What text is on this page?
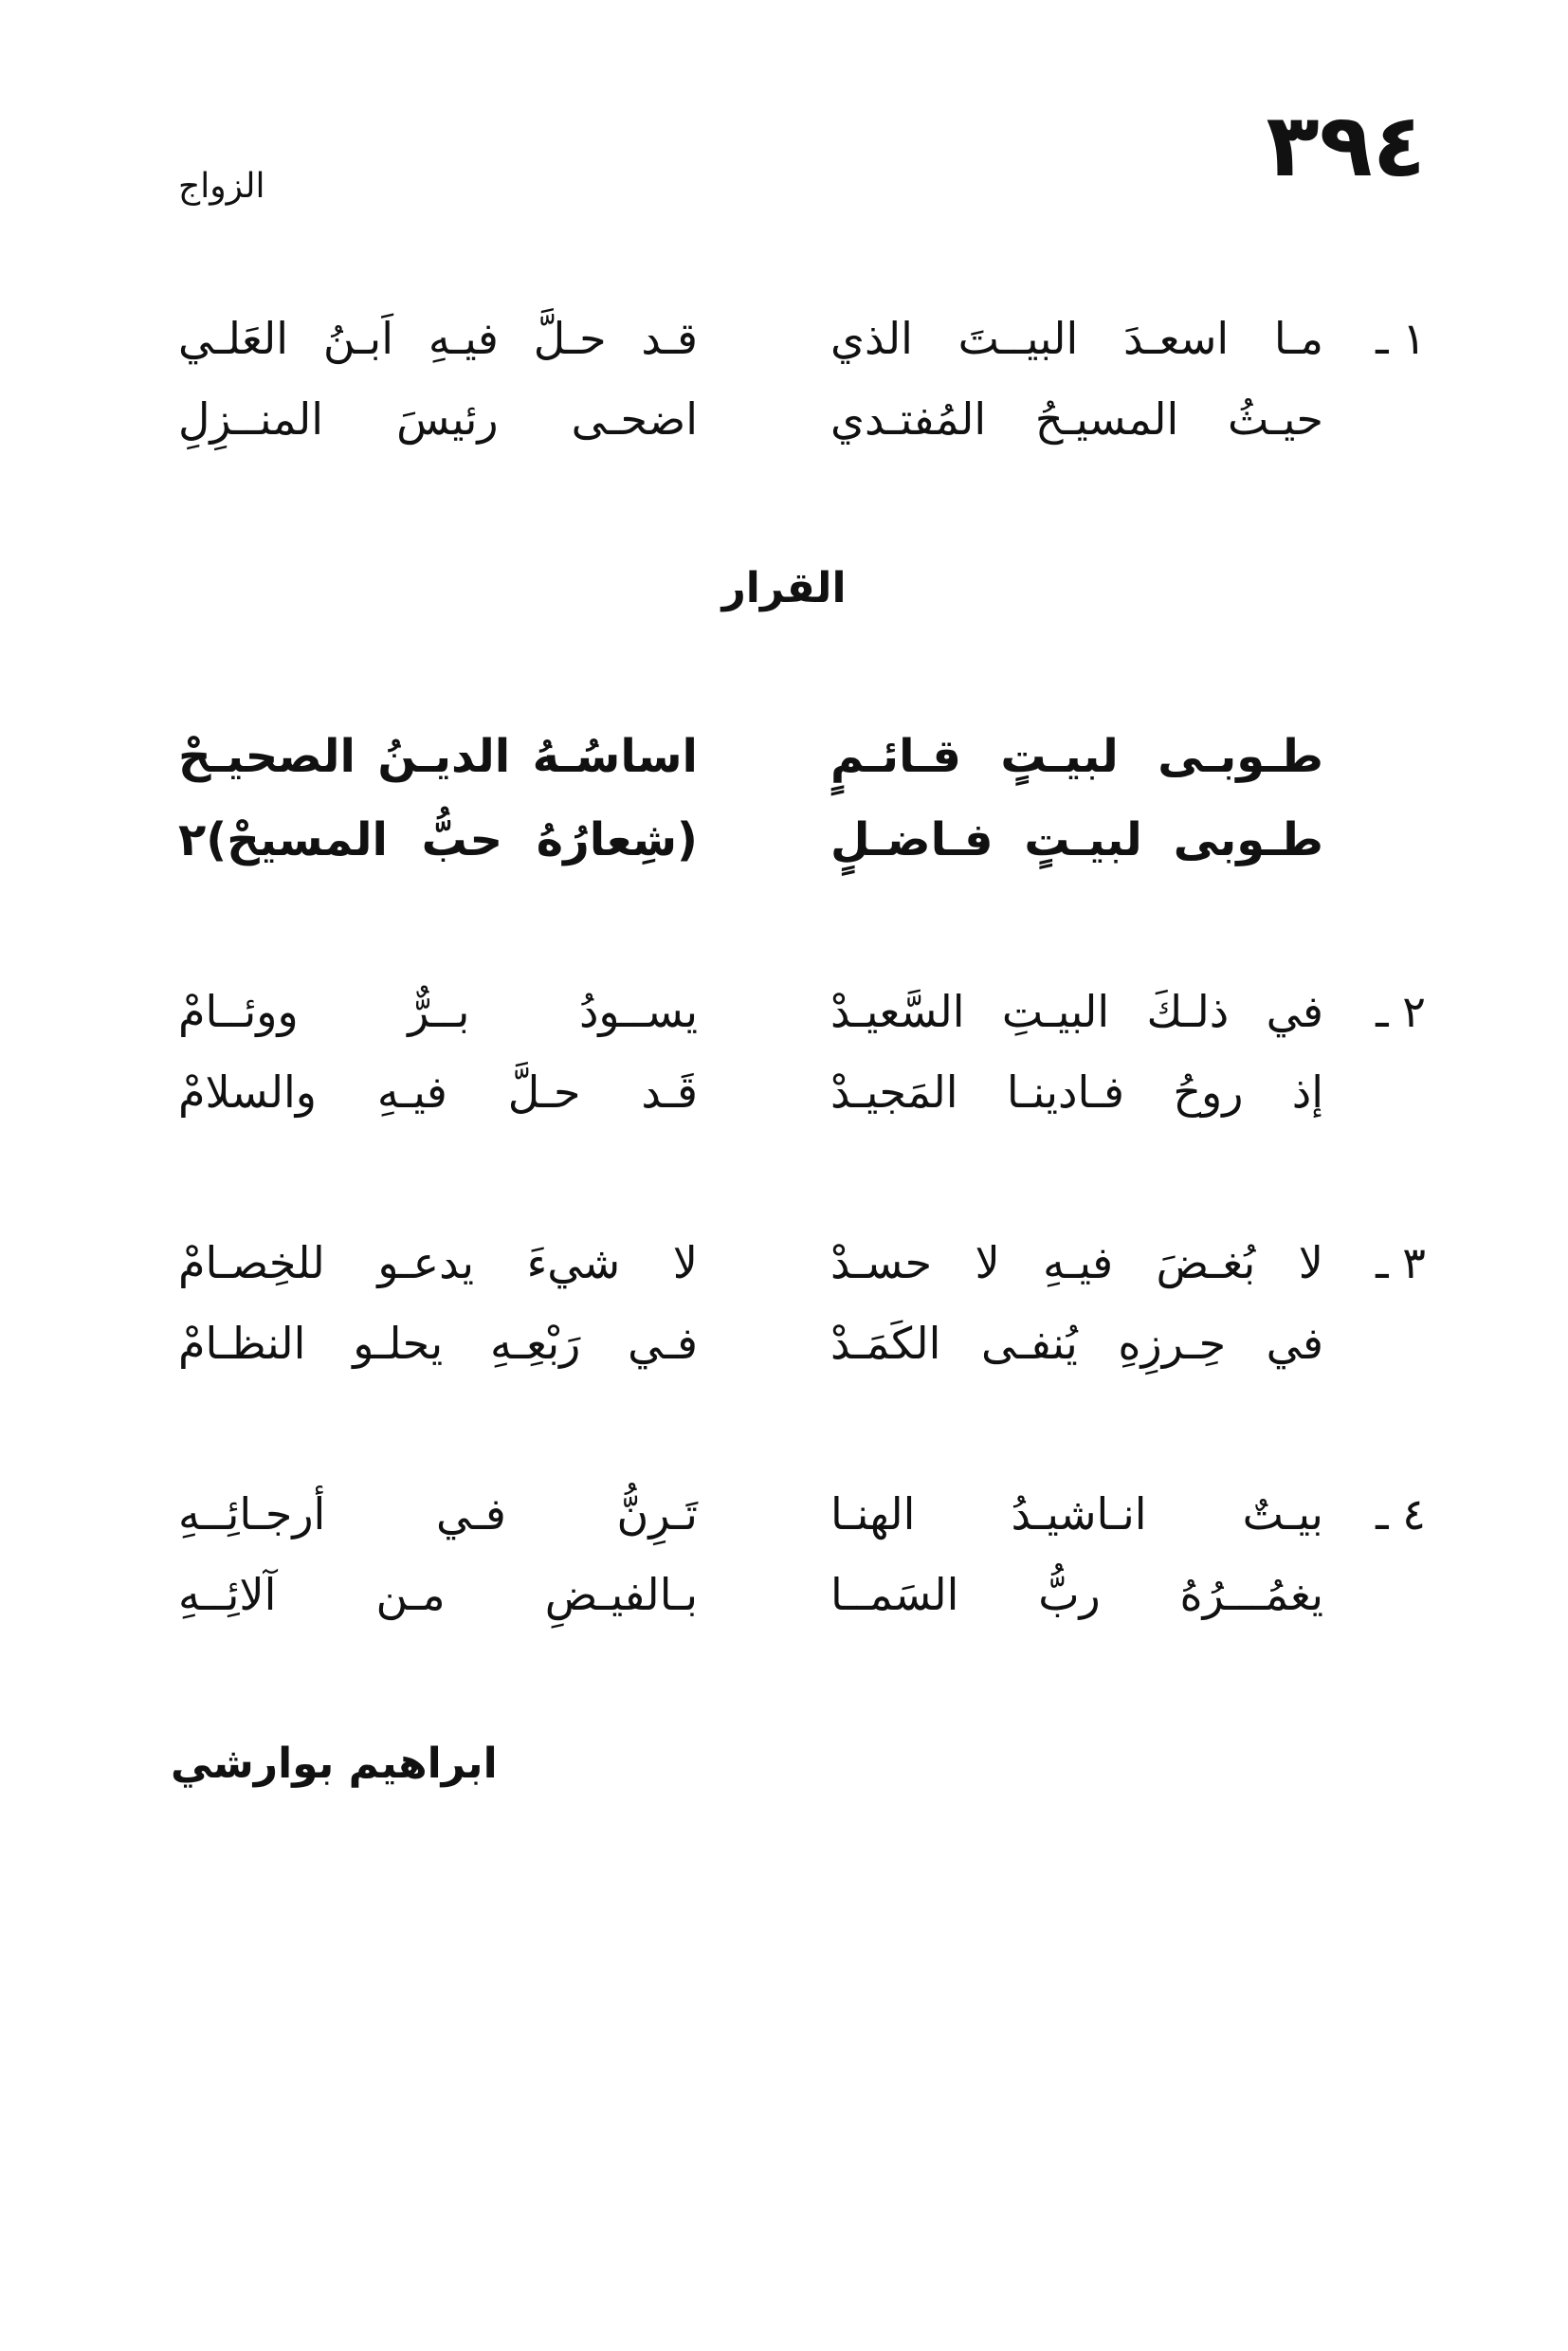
٣٩٤
الزواج
١ ـ
مـا اسعـدَ البيــتَ الذي
قـد حـلَّ فيـهِ اَبـنُ العَلـي
حيـثُ المسيـحُ المُفتـدي
اضحـى رئيسَ المنــزِلِ
القرار
طـوبـى لبيـتٍ قـائـمٍ
اساسُـهُ الديـنُ الصحيـحْ
طـوبى لبيـتٍ فـاضـلٍ
(شِعارُهُ حبُّ المسيحْ)٢
٢ ـ
في ذلـكَ البيـتِ السَّعيـدْ
يســودُ بــرٌّ ووئــامْ
إذ روحُ فـادينـا المَجيـدْ
قَـد حـلَّ فيـهِ والسلامْ
٣ ـ
لا بُغـضَ فيـهِ لا حسـدْ
لا شيءَ يدعـو للخِصـامْ
في حِـرزِهِ يُنفـى الكَمَـدْ
فـي رَبْعِـهِ يحلـو النظـامْ
٤ ـ
بيـتٌ انـاشيـدُ الهنـا
تَـرِنُّ فـي أرجـائِــهِ
يغمُـــرُهُ ربُّ السَمــا
بـالفيـضِ مـن آلائِــهِ
ابراهيم بوارشي
